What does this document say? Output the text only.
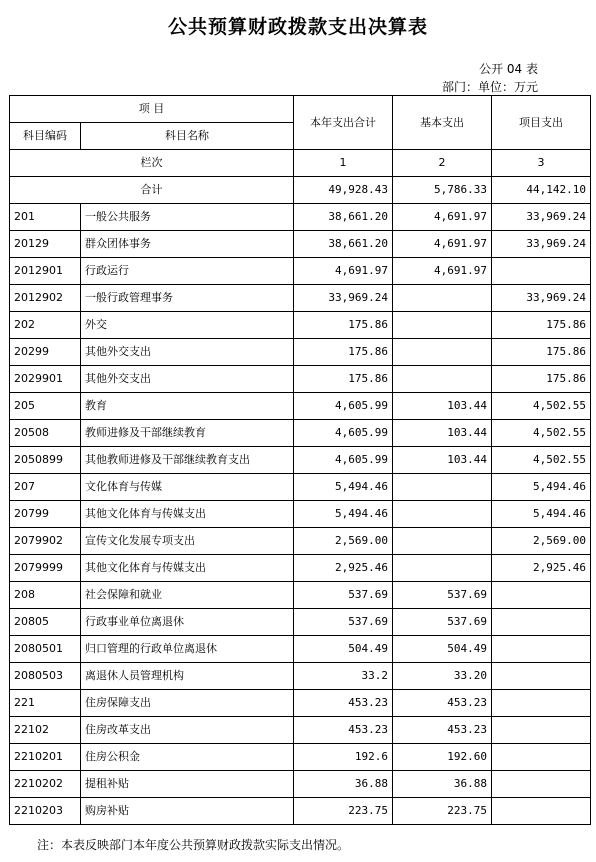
公共预算财政拨款支出决算表
公开 04 表
部门：单位：万元
项 目		本年支出合计	基本支出	项目支出
科目编码	科目名称			
栏次		1	2	3
合计		49,928.43	5,786.33	44,142.10
201	一般公共服务	38,661.20	4,691.97	33,969.24
20129	群众团体事务	38,661.20	4,691.97	33,969.24
2012901	行政运行	4,691.97	4,691.97	
2012902	一般行政管理事务	33,969.24		33,969.24
202	外交	175.86		175.86
20299	其他外交支出	175.86		175.86
2029901	其他外交支出	175.86		175.86
205	教育	4,605.99	103.44	4,502.55
20508	教师进修及干部继续教育	4,605.99	103.44	4,502.55
2050899	其他教师进修及干部继续教育支出	4,605.99	103.44	4,502.55
207	文化体育与传媒	5,494.46		5,494.46
20799	其他文化体育与传媒支出	5,494.46		5,494.46
2079902	宣传文化发展专项支出	2,569.00		2,569.00
2079999	其他文化体育与传媒支出	2,925.46		2,925.46
208	社会保障和就业	537.69	537.69	
20805	行政事业单位离退休	537.69	537.69	
2080501	归口管理的行政单位离退休	504.49	504.49	
2080503	离退休人员管理机构	33.2	33.20	
221	住房保障支出	453.23	453.23	
22102	住房改革支出	453.23	453.23	
2210201	住房公积金	192.6	192.60	
2210202	提租补贴	36.88	36.88	
2210203	购房补贴	223.75	223.75	
注：本表反映部门本年度公共预算财政拨款实际支出情况。
